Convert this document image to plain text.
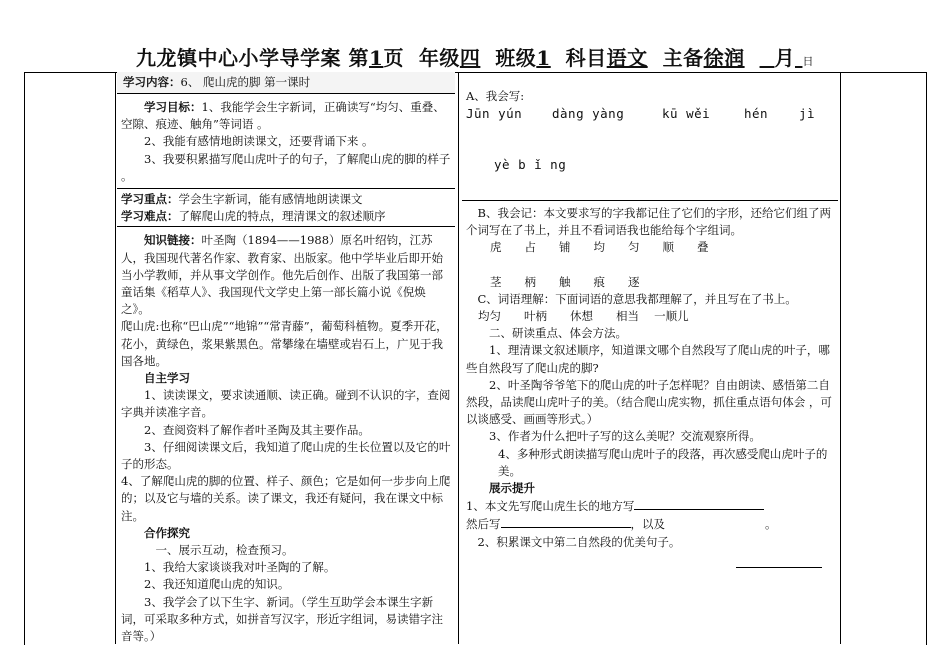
九龙镇中心小学导学案 第1页 年级四 班级1 科目语文 主备徐润 月 日
学习内容： 6、 爬山虎的脚 第一课时

学习目标：1、我能学会生字新词，正确读写“均匀、重叠、空隙、痕迹、触角”等词语 。

2、我能有感情地朗读课文，还要背诵下来 。

3、我要积累描写爬山虎叶子的句子，了解爬山虎的脚的样子 。

学习重点：学会生字新词，能有感情地朗读课文

学习难点：了解爬山虎的特点，理清课文的叙述顺序

知识链接：叶圣陶（1894——1988）原名叶绍钧，江苏人，我国现代著名作家、教育家、出版家。他中学毕业后即开始当小学教师，并从事文学创作。他先后创作、出版了我国第一部童话集《稻草人》、我国现代文学史上第一部长篇小说《倪焕之》。

爬山虎:也称“巴山虎”“地锦”“常青藤”，葡萄科植物。夏季开花，花小，黄绿色，浆果紫黑色。常攀缘在墙壁或岩石上，广见于我国各地。

自主学习

1、读读课文，要求读通顺、读正确。碰到不认识的字，查阅字典并读准字音。

2、查阅资料了解作者叶圣陶及其主要作品。

3、仔细阅读课文后，我知道了爬山虎的生长位置以及它的叶子的形态。

4、了解爬山虎的脚的位置、样子、颜色；它是如何一步步向上爬的；以及它与墙的关系。读了课文，我还有疑问，我在课文中标注。

合作探究

一、展示互动，检查预习。

1、我给大家谈谈我对叶圣陶的了解。

2、我还知道爬山虎的知识。

3、我学会了以下生字、新词。（学生互助学会本课生字新词，可采取多种方式，如拼音写汉字，形近字组词，易读错字注音等。）

A、我会写:

Jūn yún	dàng yàng	kū wěi	hén	jì

yè b ǐ ng

B、我会记：本文要求写的字我都记住了它们的字形，还给它们组了两个词写在了书上，并且不看词语我也能给每个字组词。

虎   占   铺   均   匀   顺   叠

茎   柄   触   痕   逐

C、词语理解：下面词语的意思我都理解了，并且写在了书上。

均匀   叶柄   休想   相当  一顺儿

二、研读重点、体会方法。

1、理清课文叙述顺序，知道课文哪个自然段写了爬山虎的叶子，哪些自然段写了爬山虎的脚?

2、叶圣陶爷爷笔下的爬山虎的叶子怎样呢？自由朗读、感悟第二自然段，品读爬山虎叶子的美。（结合爬山虎实物，抓住重点语句体会 ，可以谈感受、画画等形式。）

3、作者为什么把叶子写的这么美呢？交流观察所得。

4、多种形式朗读描写爬山虎叶子的段落，再次感受爬山虎叶子的美。

展示提升

1、本文先写爬山虎生长的地方写

然后写	，以及	。

2、积累课文中第二自然段的优美句子。
